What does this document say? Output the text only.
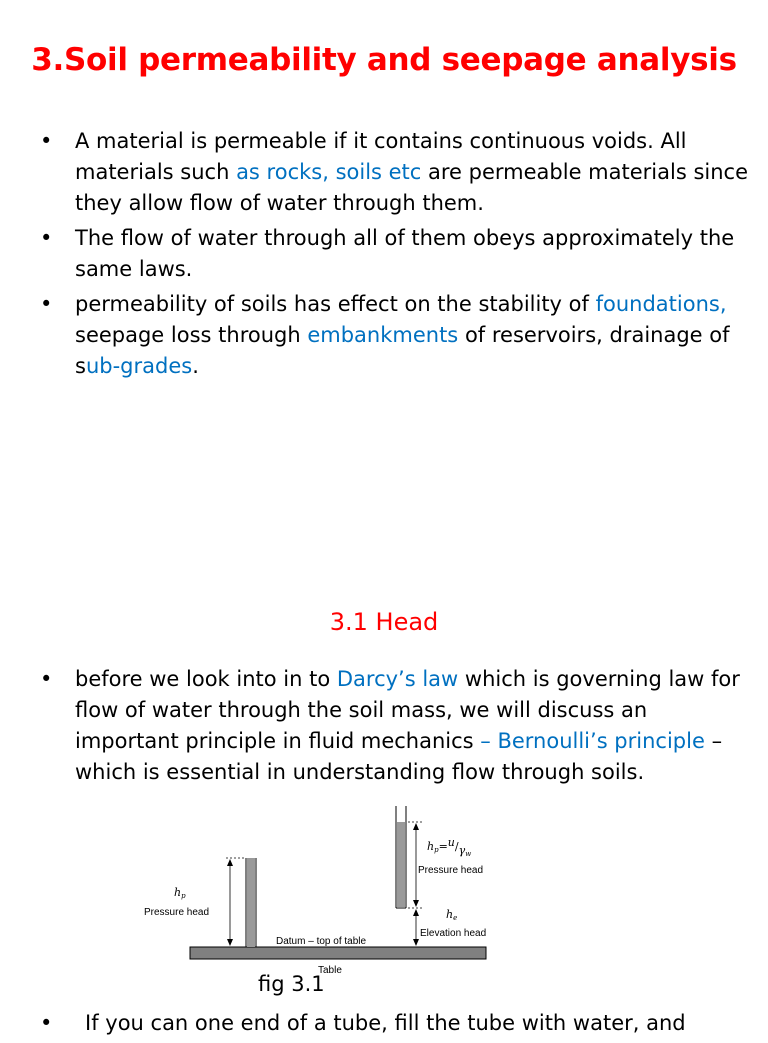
3.Soil permeability and seepage analysis
• A material is permeable if it contains continuous voids. All materials such as rocks, soils etc are permeable materials since they allow flow of water through them.
• The flow of water through all of them obeys approximately the same laws.
• permeability of soils has effect on the stability of foundations, seepage loss through embankments of reservoirs, drainage of sub-grades.
3.1 Head
• before we look into in to Darcy’s law which is governing law for flow of water through the soil mass, we will discuss an important principle in fluid mechanics – Bernoulli’s principle – which is essential in understanding flow through soils.
Table
hp
Pressure head
Datum – top of table
hp=u/γw
Pressure head
he
Elevation head
fig 3.1
• If you can one end of a tube, fill the tube with water, and
